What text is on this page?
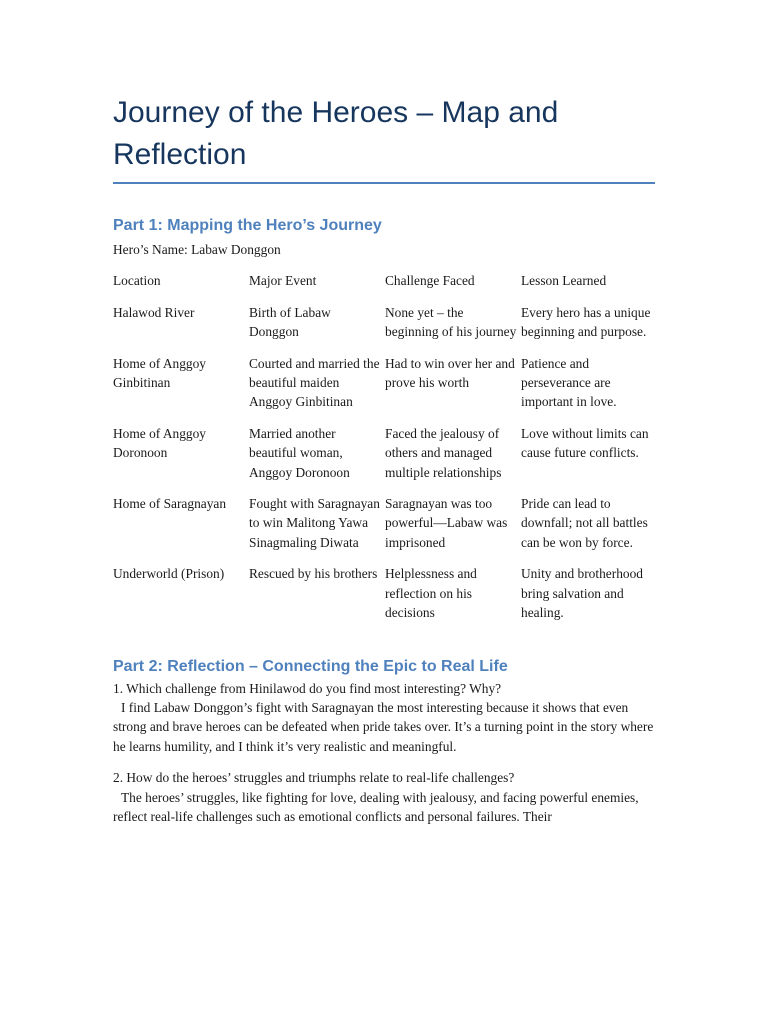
Journey of the Heroes – Map and Reflection
Part 1: Mapping the Hero’s Journey

Hero’s Name: Labaw Donggon

Location	Major Event	Challenge Faced	Lesson Learned
Halawod River	Birth of Labaw Donggon	None yet – the beginning of his journey	Every hero has a unique beginning and purpose.
Home of Anggoy Ginbitinan	Courted and married the beautiful maiden Anggoy Ginbitinan	Had to win over her and prove his worth	Patience and perseverance are important in love.
Home of Anggoy Doronoon	Married another beautiful woman, Anggoy Doronoon	Faced the jealousy of others and managed multiple relationships	Love without limits can cause future conflicts.
Home of Saragnayan	Fought with Saragnayan to win Malitong Yawa Sinagmaling Diwata	Saragnayan was too powerful—Labaw was imprisoned	Pride can lead to downfall; not all battles can be won by force.
Underworld (Prison)	Rescued by his brothers	Helplessness and reflection on his decisions	Unity and brotherhood bring salvation and healing.
Part 2: Reflection – Connecting the Epic to Real Life

1. Which challenge from Hinilawod do you find most interesting? Why?

I find Labaw Donggon’s fight with Saragnayan the most interesting because it shows that even strong and brave heroes can be defeated when pride takes over. It’s a turning point in the story where he learns humility, and I think it’s very realistic and meaningful.

2. How do the heroes’ struggles and triumphs relate to real-life challenges?

The heroes’ struggles, like fighting for love, dealing with jealousy, and facing powerful enemies, reflect real-life challenges such as emotional conflicts and personal failures. Their
